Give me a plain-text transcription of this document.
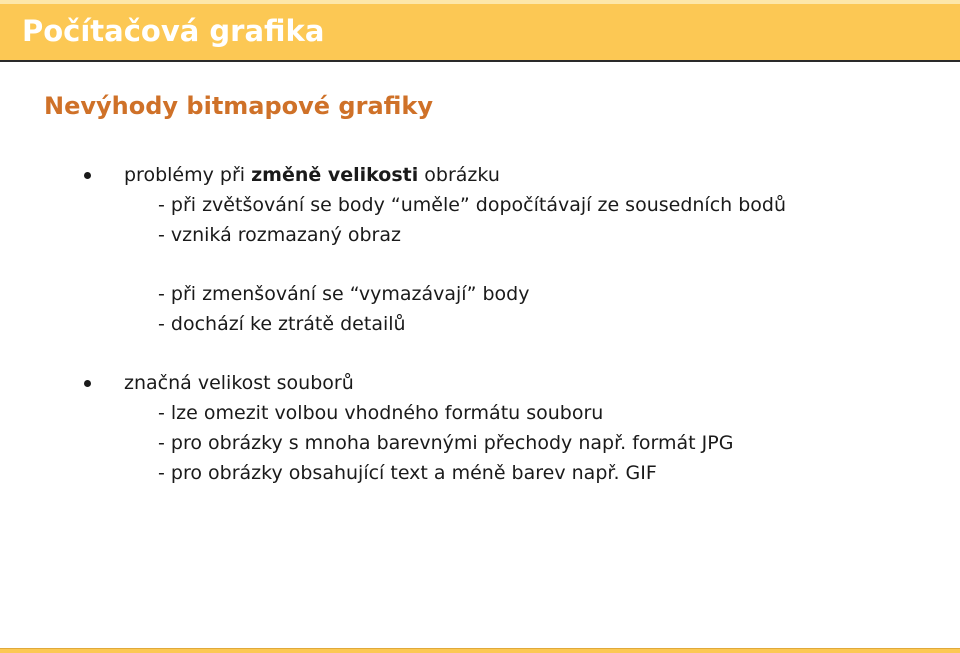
Počítačová grafika
Nevýhody bitmapové grafiky
problémy při změně velikosti obrázku
- při zvětšování se body “uměle” dopočítávají ze sousedních bodů
- vzniká rozmazaný obraz
- při zmenšování se “vymazávají” body
- dochází ke ztrátě detailů
značná velikost souborů
- lze omezit volbou vhodného formátu souboru
- pro obrázky s mnoha barevnými přechody např. formát JPG
- pro obrázky obsahující text a méně barev např. GIF
